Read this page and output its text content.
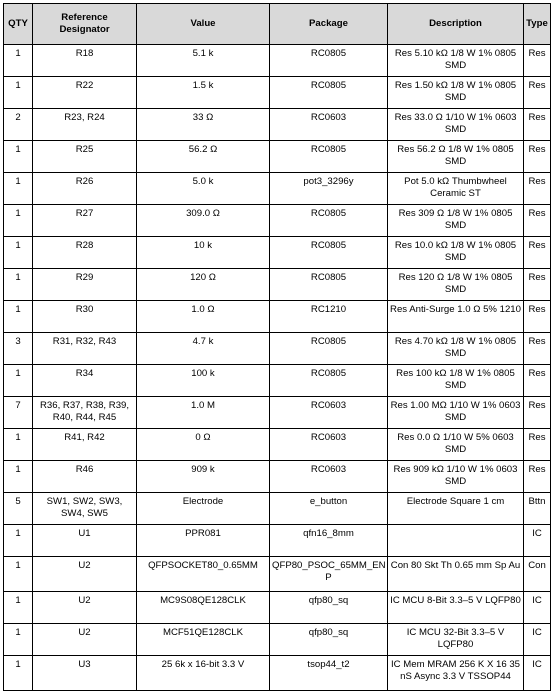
QTY	Reference Designator	Value	Package	Description	Type
1	R18	5.1 k	RC0805	Res 5.10 kΩ 1/8 W 1% 0805 SMD	Res
1	R22	1.5 k	RC0805	Res 1.50 kΩ 1/8 W 1% 0805 SMD	Res
2	R23, R24	33 Ω	RC0603	Res 33.0 Ω 1/10 W 1% 0603 SMD	Res
1	R25	56.2 Ω	RC0805	Res 56.2 Ω 1/8 W 1% 0805 SMD	Res
1	R26	5.0 k	pot3_3296y	Pot 5.0 kΩ Thumbwheel Ceramic ST	Res
1	R27	309.0 Ω	RC0805	Res 309 Ω 1/8 W 1% 0805 SMD	Res
1	R28	10 k	RC0805	Res 10.0 kΩ 1/8 W 1% 0805 SMD	Res
1	R29	120 Ω	RC0805	Res 120 Ω 1/8 W 1% 0805 SMD	Res
1	R30	1.0 Ω	RC1210	Res Anti-Surge 1.0 Ω 5% 1210	Res
3	R31, R32, R43	4.7 k	RC0805	Res 4.70 kΩ 1/8 W 1% 0805 SMD	Res
1	R34	100 k	RC0805	Res 100 kΩ 1/8 W 1% 0805 SMD	Res
7	R36, R37, R38, R39, R40, R44, R45	1.0 M	RC0603	Res 1.00 MΩ 1/10 W 1% 0603 SMD	Res
1	R41, R42	0 Ω	RC0603	Res 0.0 Ω 1/10 W 5% 0603 SMD	Res
1	R46	909 k	RC0603	Res 909 kΩ 1/10 W 1% 0603 SMD	Res
5	SW1, SW2, SW3, SW4, SW5	Electrode	e_button	Electrode Square 1 cm	Bttn
1	U1	PPR081	qfn16_8mm		IC
1	U2	QFPSOCKET80_0.65MM	QFP80_PSOC_65MM_EN P	Con 80 Skt Th 0.65 mm Sp Au	Con
1	U2	MC9S08QE128CLK	qfp80_sq	IC MCU 8-Bit 3.3–5 V LQFP80	IC
1	U2	MCF51QE128CLK	qfp80_sq	IC MCU 32-Bit 3.3–5 V LQFP80	IC
1	U3	25 6k x 16-bit 3.3 V	tsop44_t2	IC Mem MRAM 256 K X 16 35 nS Async 3.3 V TSSOP44	IC
